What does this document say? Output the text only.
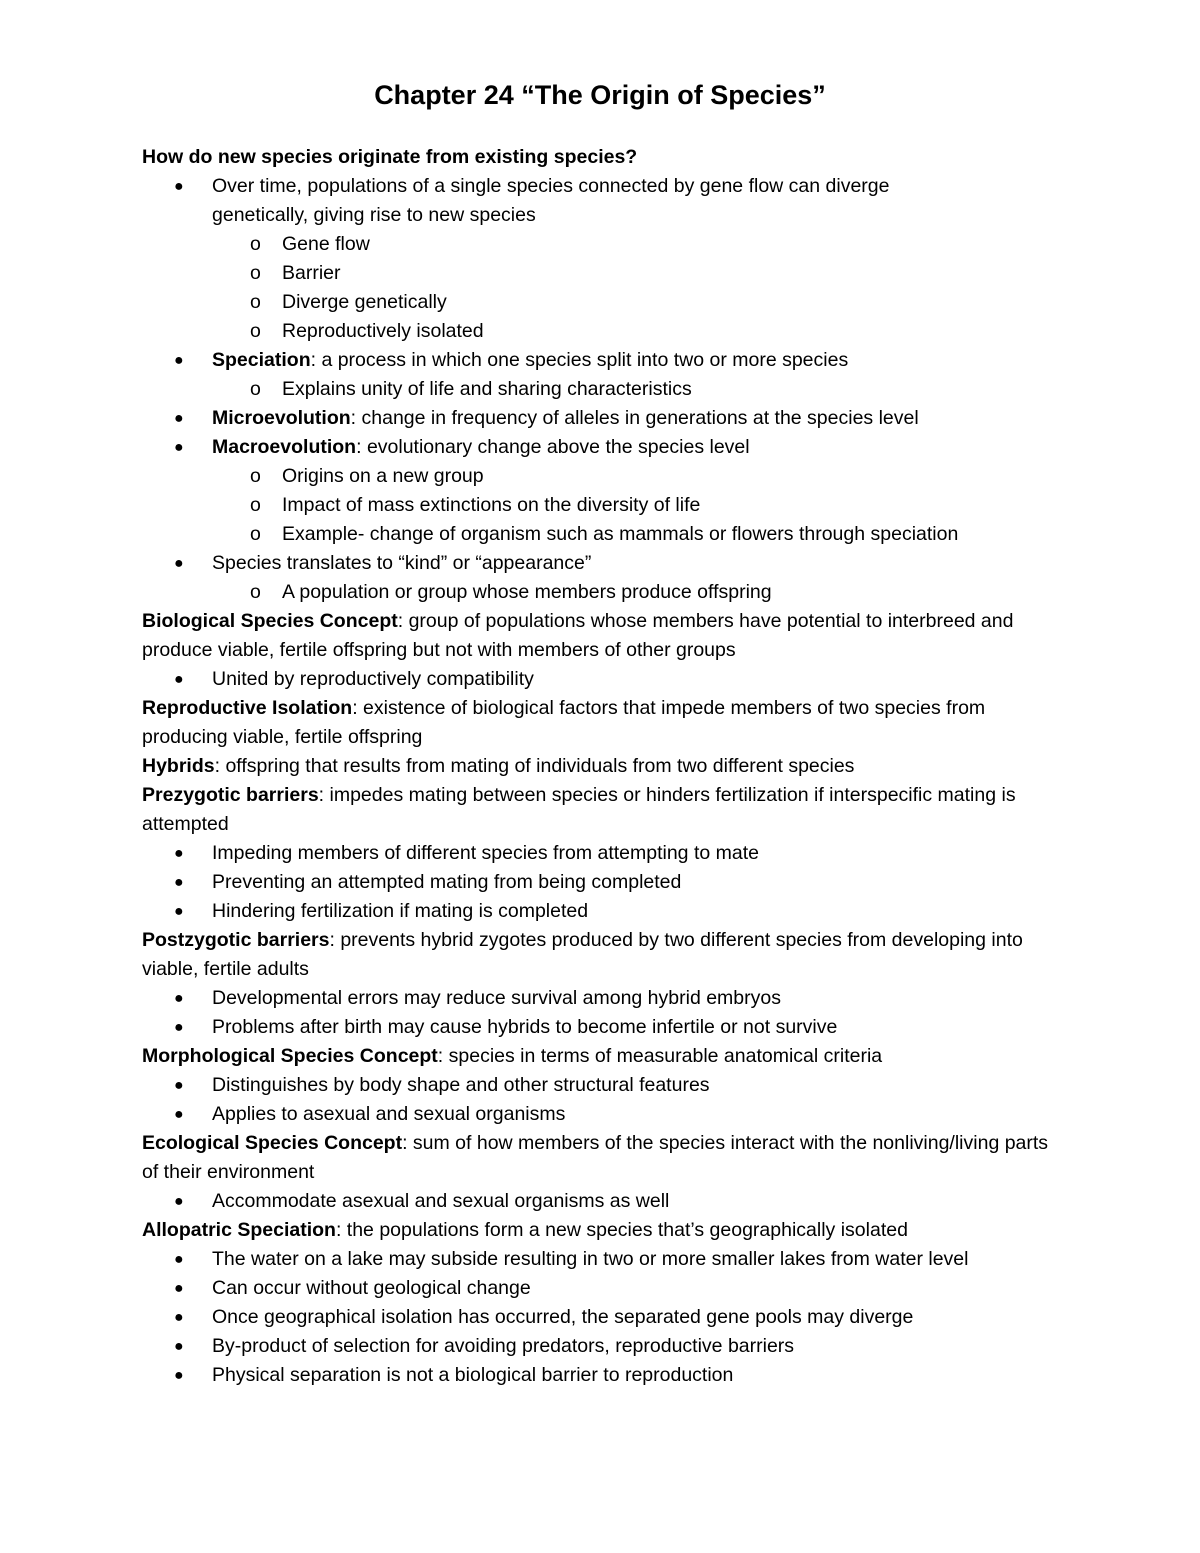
Chapter 24 “The Origin of Species”
How do new species originate from existing species?
● Over time, populations of a single species connected by gene flow can diverge
genetically, giving rise to new species
o Gene flow
o Barrier
o Diverge genetically
o Reproductively isolated
● Speciation: a process in which one species split into two or more species
o Explains unity of life and sharing characteristics
● Microevolution: change in frequency of alleles in generations at the species level
● Macroevolution: evolutionary change above the species level
o Origins on a new group
o Impact of mass extinctions on the diversity of life
o Example- change of organism such as mammals or flowers through speciation
● Species translates to “kind” or “appearance”
o A population or group whose members produce offspring
Biological Species Concept: group of populations whose members have potential to interbreed and produce viable, fertile offspring but not with members of other groups
● United by reproductively compatibility
Reproductive Isolation: existence of biological factors that impede members of two species from producing viable, fertile offspring
Hybrids: offspring that results from mating of individuals from two different species
Prezygotic barriers: impedes mating between species or hinders fertilization if interspecific mating is attempted
● Impeding members of different species from attempting to mate
● Preventing an attempted mating from being completed
● Hindering fertilization if mating is completed
Postzygotic barriers: prevents hybrid zygotes produced by two different species from developing into viable, fertile adults
● Developmental errors may reduce survival among hybrid embryos
● Problems after birth may cause hybrids to become infertile or not survive
Morphological Species Concept: species in terms of measurable anatomical criteria
● Distinguishes by body shape and other structural features
● Applies to asexual and sexual organisms
Ecological Species Concept: sum of how members of the species interact with the nonliving/living parts of their environment
● Accommodate asexual and sexual organisms as well
Allopatric Speciation: the populations form a new species that’s geographically isolated
● The water on a lake may subside resulting in two or more smaller lakes from water level
● Can occur without geological change
● Once geographical isolation has occurred, the separated gene pools may diverge
● By-product of selection for avoiding predators, reproductive barriers
● Physical separation is not a biological barrier to reproduction
